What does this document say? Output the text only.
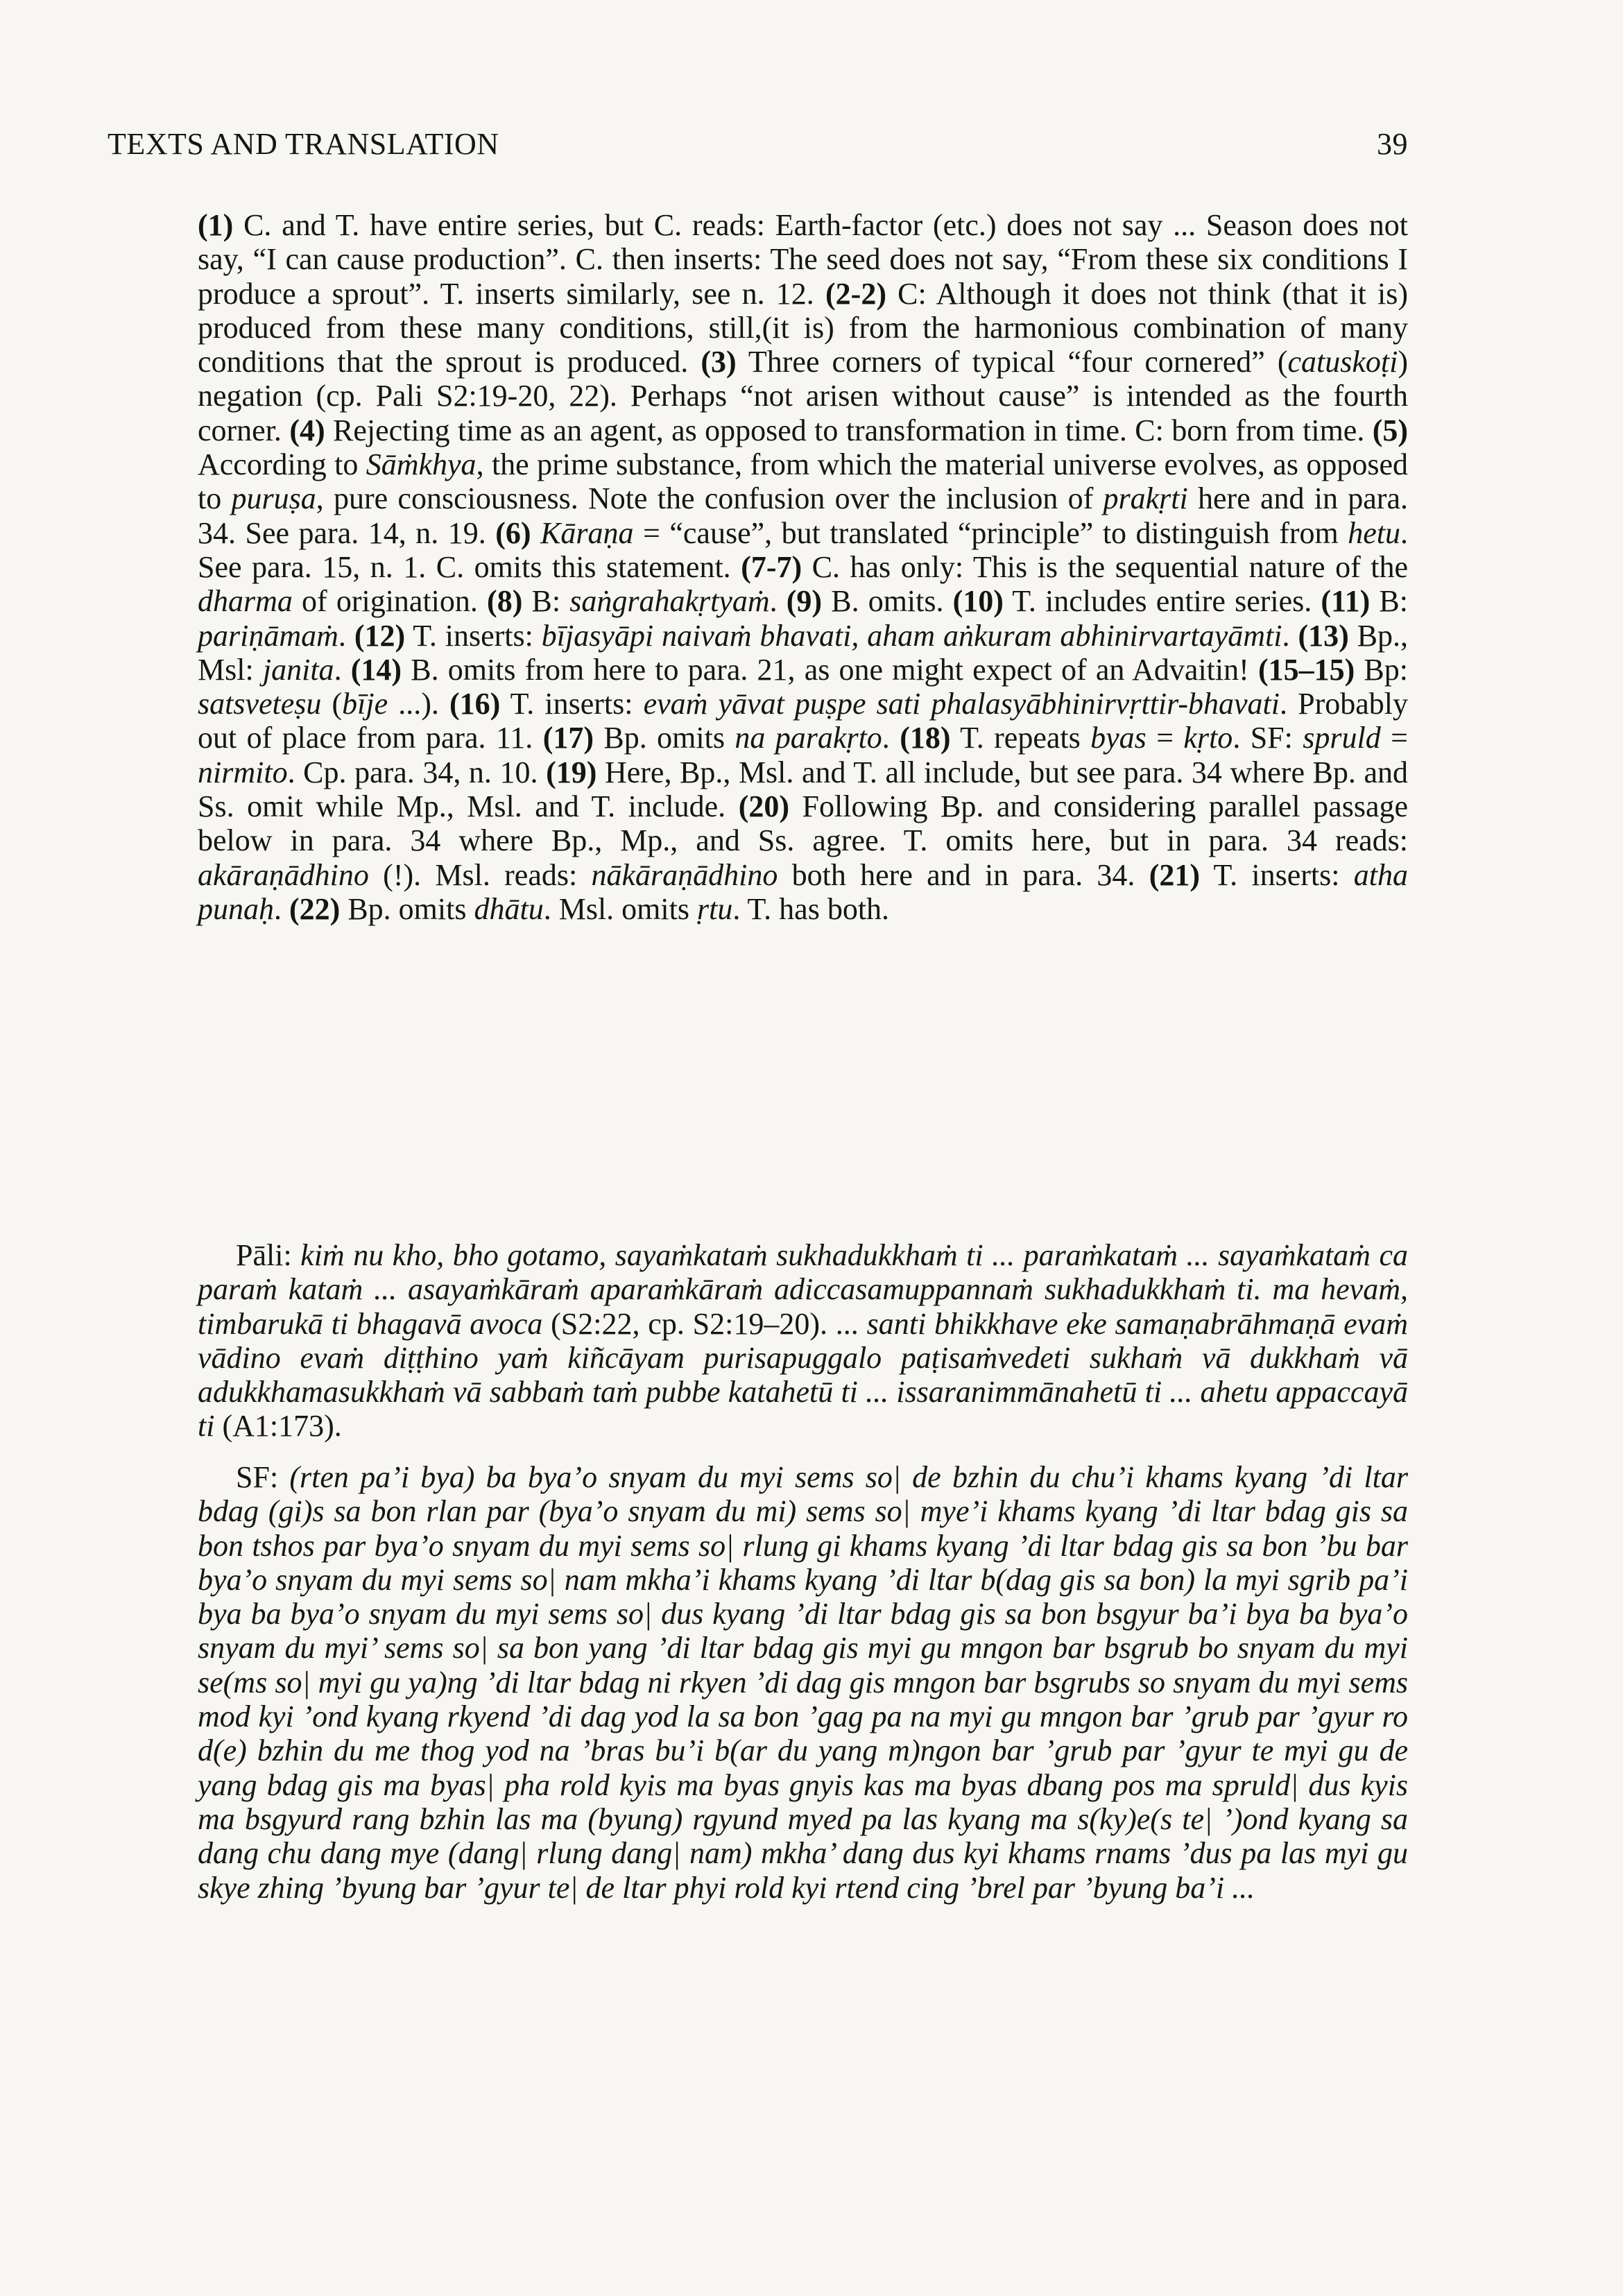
TEXTS AND TRANSLATION	39
(1) C. and T. have entire series, but C. reads: Earth-factor (etc.) does not say ... Season does not say, “I can cause production”. C. then inserts: The seed does not say, “From these six conditions I produce a sprout”. T. inserts similarly, see n. 12. (2-2) C: Although it does not think (that it is) produced from these many conditions, still,(it is) from the harmonious combination of many conditions that the sprout is produced. (3) Three corners of typical “four cornered” (catuskoṭi) negation (cp. Pali S2:19-20, 22). Perhaps “not arisen without cause” is intended as the fourth corner. (4) Rejecting time as an agent, as opposed to transformation in time. C: born from time. (5) According to Sāṁkhya, the prime substance, from which the material universe evolves, as opposed to puruṣa, pure consciousness. Note the confusion over the inclusion of prakṛti here and in para. 34. See para. 14, n. 19. (6) Kāraṇa = “cause”, but translated “principle” to distinguish from hetu. See para. 15, n. 1. C. omits this statement. (7-7) C. has only: This is the sequential nature of the dharma of origination. (8) B: saṅgrahakṛtyaṁ. (9) B. omits. (10) T. includes entire series. (11) B: pariṇāmaṁ. (12) T. inserts: bījasyāpi naivaṁ bhavati, aham aṅkuram abhinirvartayāmti. (13) Bp., Msl: janita. (14) B. omits from here to para. 21, as one might expect of an Advaitin! (15–15) Bp: satsveteṣu (bīje ...). (16) T. inserts: evaṁ yāvat puṣpe sati phalasyābhinirvṛttir-bhavati. Probably out of place from para. 11. (17) Bp. omits na parakṛto. (18) T. repeats byas = kṛto. SF: spruld = nirmito. Cp. para. 34, n. 10. (19) Here, Bp., Msl. and T. all include, but see para. 34 where Bp. and Ss. omit while Mp., Msl. and T. include. (20) Following Bp. and considering parallel passage below in para. 34 where Bp., Mp., and Ss. agree. T. omits here, but in para. 34 reads: akāraṇādhino (!). Msl. reads: nākāraṇādhino both here and in para. 34. (21) T. inserts: atha punaḥ. (22) Bp. omits dhātu. Msl. omits ṛtu. T. has both.
Pāli: kiṁ nu kho, bho gotamo, sayaṁkataṁ sukhadukkhaṁ ti ... paraṁkataṁ ... sayaṁkataṁ ca paraṁ kataṁ ... asayaṁkāraṁ aparaṁkāraṁ adiccasamuppannaṁ sukhadukkhaṁ ti. ma hevaṁ, timbarukā ti bhagavā avoca (S2:22, cp. S2:19–20). ... santi bhikkhave eke samaṇabrāhmaṇā evaṁ vādino evaṁ diṭṭhino yaṁ kiñcāyam purisapuggalo paṭisaṁvedeti sukhaṁ vā dukkhaṁ vā adukkhamasukkhaṁ vā sabbaṁ taṁ pubbe katahetū ti ... issaranimmānahetū ti ... ahetu appaccayā ti (A1:173).
SF: (rten pa’i bya) ba bya’o snyam du myi sems so| de bzhin du chu’i khams kyang ’di ltar bdag (gi)s sa bon rlan par (bya’o snyam du mi) sems so| mye’i khams kyang ’di ltar bdag gis sa bon tshos par bya’o snyam du myi sems so| rlung gi khams kyang ’di ltar bdag gis sa bon ’bu bar bya’o snyam du myi sems so| nam mkha’i khams kyang ’di ltar b(dag gis sa bon) la myi sgrib pa’i bya ba bya’o snyam du myi sems so| dus kyang ’di ltar bdag gis sa bon bsgyur ba’i bya ba bya’o snyam du myi’ sems so| sa bon yang ’di ltar bdag gis myi gu mngon bar bsgrub bo snyam du myi se(ms so| myi gu ya)ng ’di ltar bdag ni rkyen ’di dag gis mngon bar bsgrubs so snyam du myi sems mod kyi ’ond kyang rkyend ’di dag yod la sa bon ’gag pa na myi gu mngon bar ’grub par ’gyur ro d(e) bzhin du me thog yod na ’bras bu’i b(ar du yang m)ngon bar ’grub par ’gyur te myi gu de yang bdag gis ma byas| pha rold kyis ma byas gnyis kas ma byas dbang pos ma spruld| dus kyis ma bsgyurd rang bzhin las ma (byung) rgyund myed pa las kyang ma s(ky)e(s te| ’)ond kyang sa dang chu dang mye (dang| rlung dang| nam) mkha’ dang dus kyi khams rnams ’dus pa las myi gu skye zhing ’byung bar ’gyur te| de ltar phyi rold kyi rtend cing ’brel par ’byung ba’i ...
